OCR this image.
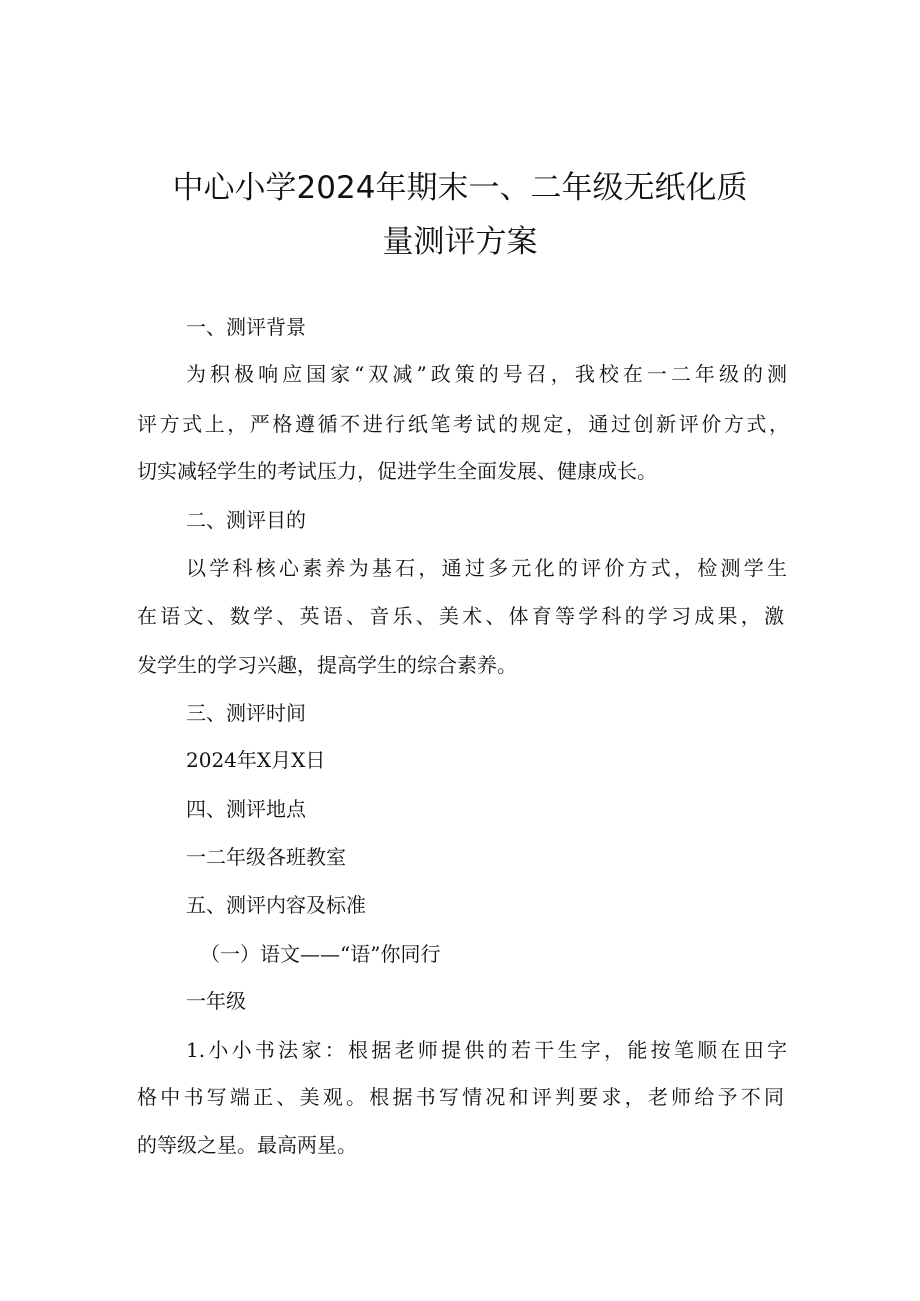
中心小学2024年期末一、二年级无纸化质
量测评方案
一、测评背景
为积极响应国家“双减”政策的号召，我校在一二年级的测
评方式上，严格遵循不进行纸笔考试的规定，通过创新评价方式，
切实减轻学生的考试压力，促进学生全面发展、健康成长。
二、测评目的
以学科核心素养为基石，通过多元化的评价方式，检测学生
在语文、数学、英语、音乐、美术、体育等学科的学习成果，激
发学生的学习兴趣，提高学生的综合素养。
三、测评时间
2024年X月X日
四、测评地点
一二年级各班教室
五、测评内容及标准
（一）语文——“语”你同行
一年级
1.小小书法家：根据老师提供的若干生字，能按笔顺在田字
格中书写端正、美观。根据书写情况和评判要求，老师给予不同
的等级之星。最高两星。
